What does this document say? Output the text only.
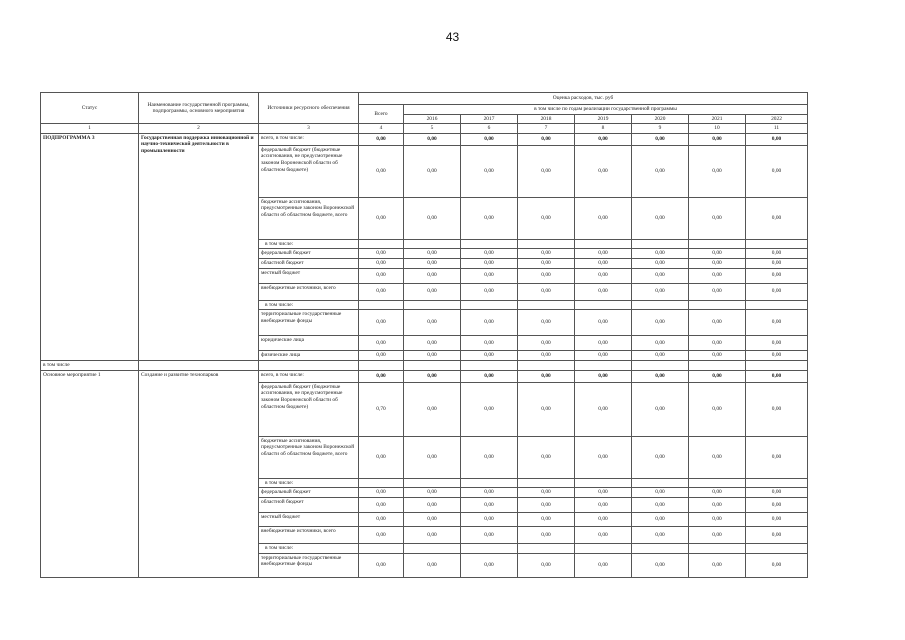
43
Статус	Наименование государственной программы, подпрограммы, основного мероприятия	Источники ресурсного обеспечения	Оценка расходов, тыс. руб							
			Всего	в том числе по годам реализации государственной программы						
				2016	2017	2018	2019	2020	2021	2022
1	2	3	4	5	6	7	8	9	10	11
ПОДПРОГРАММА 3	Государственная поддержка инновационной и научно-технической деятельности в промышленности	всего, в том числе:	0,00	0,00	0,00	0,00	0,00	0,00	0,00	0,00
		федеральный бюджет (бюджетные ассигнования, не предусмотренные законом Воронежской области об областном бюджете)	0,00	0,00	0,00	0,00	0,00	0,00	0,00	0,00
		бюджетные ассигнования, предусмотренные законом Воронежской области об областном бюджете, всего	0,00	0,00	0,00	0,00	0,00	0,00	0,00	0,00
		в том числе:								
		федеральный бюджет	0,00	0,00	0,00	0,00	0,00	0,00	0,00	0,00
		областной бюджет	0,00	0,00	0,00	0,00	0,00	0,00	0,00	0,00
		местный бюджет	0,00	0,00	0,00	0,00	0,00	0,00	0,00	0,00
		внебюджетные источники, всего	0,00	0,00	0,00	0,00	0,00	0,00	0,00	0,00
		в том числе:								
		территориальные государственные внебюджетные фонды	0,00	0,00	0,00	0,00	0,00	0,00	0,00	0,00
		юридические лица	0,00	0,00	0,00	0,00	0,00	0,00	0,00	0,00
		физические лица	0,00	0,00	0,00	0,00	0,00	0,00	0,00	0,00
в том числе										
Основное мероприятие 1	Создание и развитие технопарков	всего, в том числе:	0,00	0,00	0,00	0,00	0,00	0,00	0,00	0,00
		федеральный бюджет (бюджетные ассигнования, не предусмотренные законом Воронежской области об областном бюджете)	0,70	0,00	0,00	0,00	0,00	0,00	0,00	0,00
		бюджетные ассигнования, предусмотренные законом Воронежской области об областном бюджете, всего	0,00	0,00	0,00	0,00	0,00	0,00	0,00	0,00
		в том числе:								
		федеральный бюджет	0,00	0,00	0,00	0,00	0,00	0,00	0,00	0,00
		областной бюджет	0,00	0,00	0,00	0,00	0,00	0,00	0,00	0,00
		местный бюджет	0,00	0,00	0,00	0,00	0,00	0,00	0,00	0,00
		внебюджетные источники, всего	0,00	0,00	0,00	0,00	0,00	0,00	0,00	0,00
		в том числе:								
		территориальные государственные внебюджетные фонды	0,00	0,00	0,00	0,00	0,00	0,00	0,00	0,00
